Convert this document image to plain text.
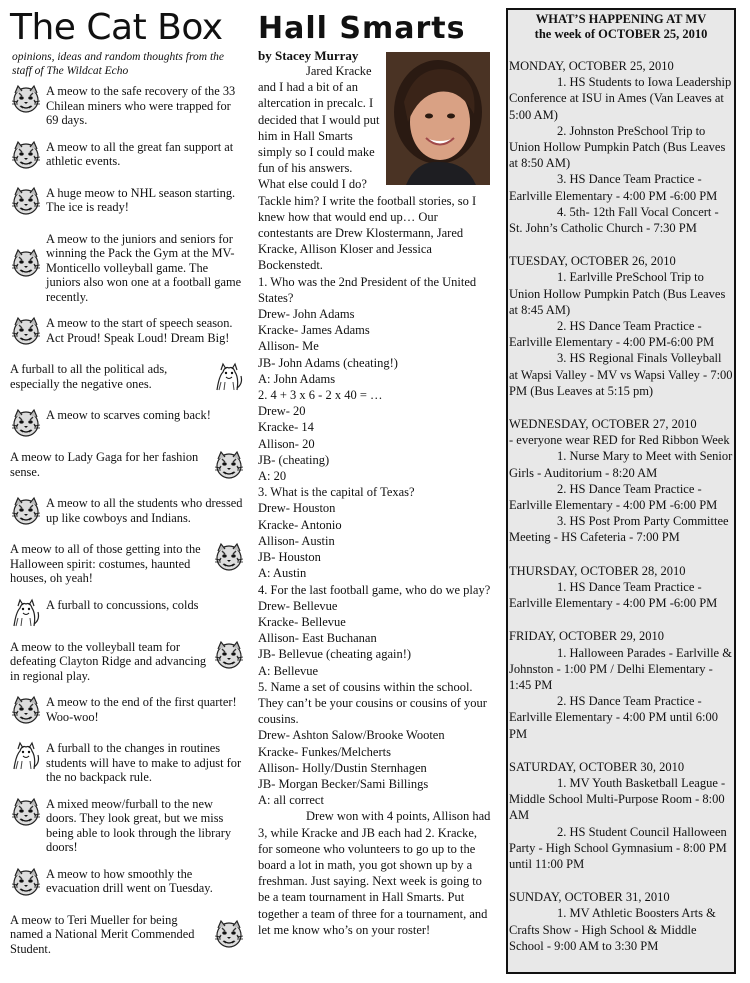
The Cat Box
opinions, ideas and random thoughts from the staff of The Wildcat Echo
A meow to the safe recovery of the 33 Chilean miners who were trapped for 69 days.
A meow to all the great fan support at athletic events.
A huge meow to NHL season starting. The ice is ready!
A meow to the juniors and seniors for winning the Pack the Gym at the MV-Monticello volleyball game. The juniors also won one at a football game recently.
A meow to the start of speech season. Act Proud! Speak Loud! Dream Big!
A furball to all the political ads, especially the negative ones.
A meow to scarves coming back!
A meow to Lady Gaga for her fashion sense.
A meow to all the students who dressed up like cowboys and Indians.
A meow to all of those getting into the Halloween spirit: costumes, haunted houses, oh yeah!
A furball to concussions, colds
A meow to the volleyball team for defeating Clayton Ridge and advancing in regional play.
A meow to the end of the first quarter! Woo-woo!
A furball to the changes in routines students will have to make to adjust for the no backpack rule.
A mixed meow/furball to the new doors. They look great, but we miss being able to look through the library doors!
A meow to how smoothly the evacuation drill went on Tuesday.
A meow to Teri Mueller for being named a National Merit Commended Student.
Hall Smarts
by Stacey Murray

Jared Kracke and I had a bit of an altercation in precalc. I decided that I would put him in Hall Smarts simply so I could make fun of his answers. What else could I do?

Tackle him? I write the football stories, so I knew how that would end up… Our contestants are Drew Klostermann, Jared Kracke, Allison Kloser and Jessica Bockenstedt.

1. Who was the 2nd President of the United States?

Drew- John Adams

Kracke- James Adams

Allison- Me

JB- John Adams (cheating!)

A: John Adams

2. 4 + 3 x 6 - 2 x 40 = …

Drew- 20

Kracke- 14

Allison- 20

JB- (cheating)

A: 20

3. What is the capital of Texas?

Drew- Houston

Kracke- Antonio

Allison- Austin

JB- Houston

A: Austin

4. For the last football game, who do we play?

Drew- Bellevue

Kracke- Bellevue

Allison- East Buchanan

JB- Bellevue (cheating again!)

A: Bellevue

5. Name a set of cousins within the school. They can’t be your cousins or cousins of your cousins.

Drew- Ashton Salow/Brooke Wooten

Kracke- Funkes/Melcherts

Allison- Holly/Dustin Sternhagen

JB- Morgan Becker/Sami Billings

A: all correct

Drew won with 4 points, Allison had 3, while Kracke and JB each had 2. Kracke, for someone who volunteers to go up to the board a lot in math, you got shown up by a freshman. Just saying. Next week is going to be a team tournament in Hall Smarts. Put together a team of three for a tournament, and let me know who’s on your roster!

WHAT’S HAPPENING AT MV
the week of OCTOBER 25, 2010

MONDAY, OCTOBER 25, 2010

1. HS Students to Iowa Leadership Conference at ISU in Ames (Van Leaves at 5:00 AM)

2. Johnston PreSchool Trip to Union Hollow Pumpkin Patch (Bus Leaves at 8:50 AM)

3. HS Dance Team Practice - Earlville Elementary - 4:00 PM -6:00 PM

4. 5th- 12th Fall Vocal Concert - St. John’s Catholic Church - 7:30 PM

TUESDAY, OCTOBER 26, 2010

1. Earlville PreSchool Trip to Union Hollow Pumpkin Patch (Bus Leaves at 8:45 AM)

2. HS Dance Team Practice - Earlville Elementary - 4:00 PM-6:00 PM

3. HS Regional Finals Volleyball at Wapsi Valley - MV vs Wapsi Valley - 7:00 PM (Bus Leaves at 5:15 pm)

WEDNESDAY, OCTOBER 27, 2010

- everyone wear RED for Red Ribbon Week

1. Nurse Mary to Meet with Senior Girls - Auditorium - 8:20 AM

2. HS Dance Team Practice - Earlville Elementary - 4:00 PM -6:00 PM

3. HS Post Prom Party Committee Meeting - HS Cafeteria - 7:00 PM

THURSDAY, OCTOBER 28, 2010

1. HS Dance Team Practice - Earlville Elementary - 4:00 PM -6:00 PM

FRIDAY, OCTOBER 29, 2010

1. Halloween Parades - Earlville & Johnston - 1:00 PM / Delhi Elementary - 1:45 PM

2. HS Dance Team Practice - Earlville Elementary - 4:00 PM until 6:00 PM

SATURDAY, OCTOBER 30, 2010

1. MV Youth Basketball League - Middle School Multi-Purpose Room - 8:00 AM

2. HS Student Council Halloween Party - High School Gymnasium - 8:00 PM until 11:00 PM

SUNDAY, OCTOBER 31, 2010

1. MV Athletic Boosters Arts & Crafts Show - High School & Middle School - 9:00 AM to 3:30 PM
